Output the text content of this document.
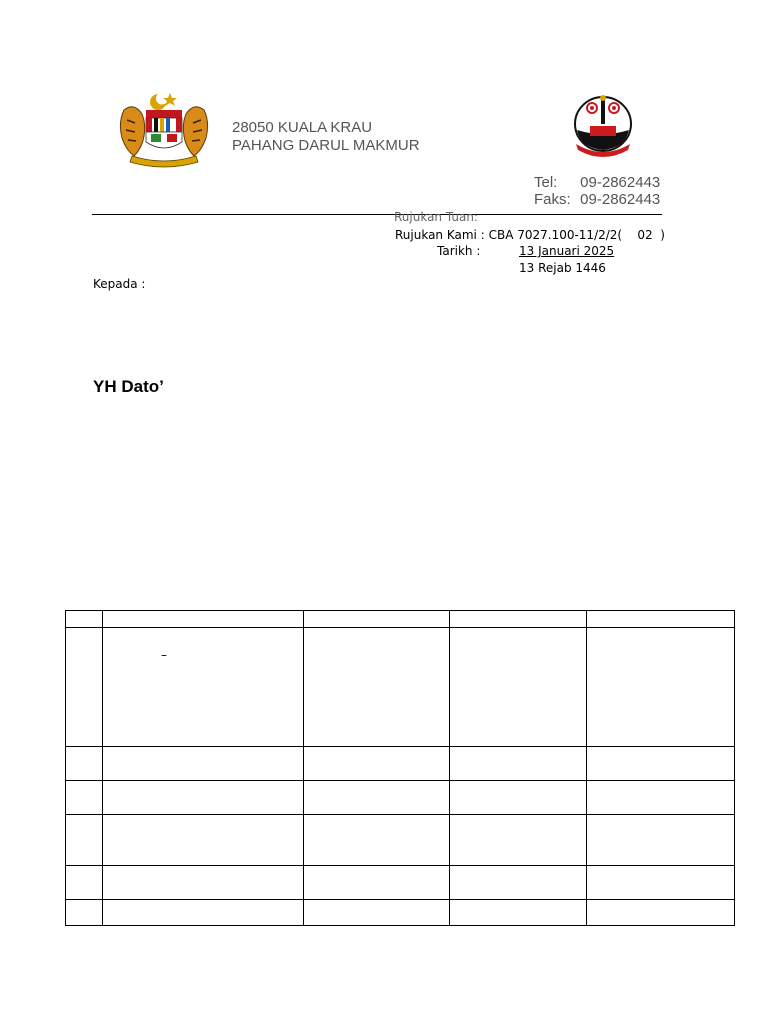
28050 KUALA KRAU
PAHANG DARUL MAKMUR
Tel: 09-2862443
Faks: 09-2862443
Rujukan Tuan:
Rujukan Kami : CBA 7027.100-11/2/2(    02  )
Tarikh :	13 Januari 2025
13 Rejab 1446
Kepada :
YH Dato’

	–			
